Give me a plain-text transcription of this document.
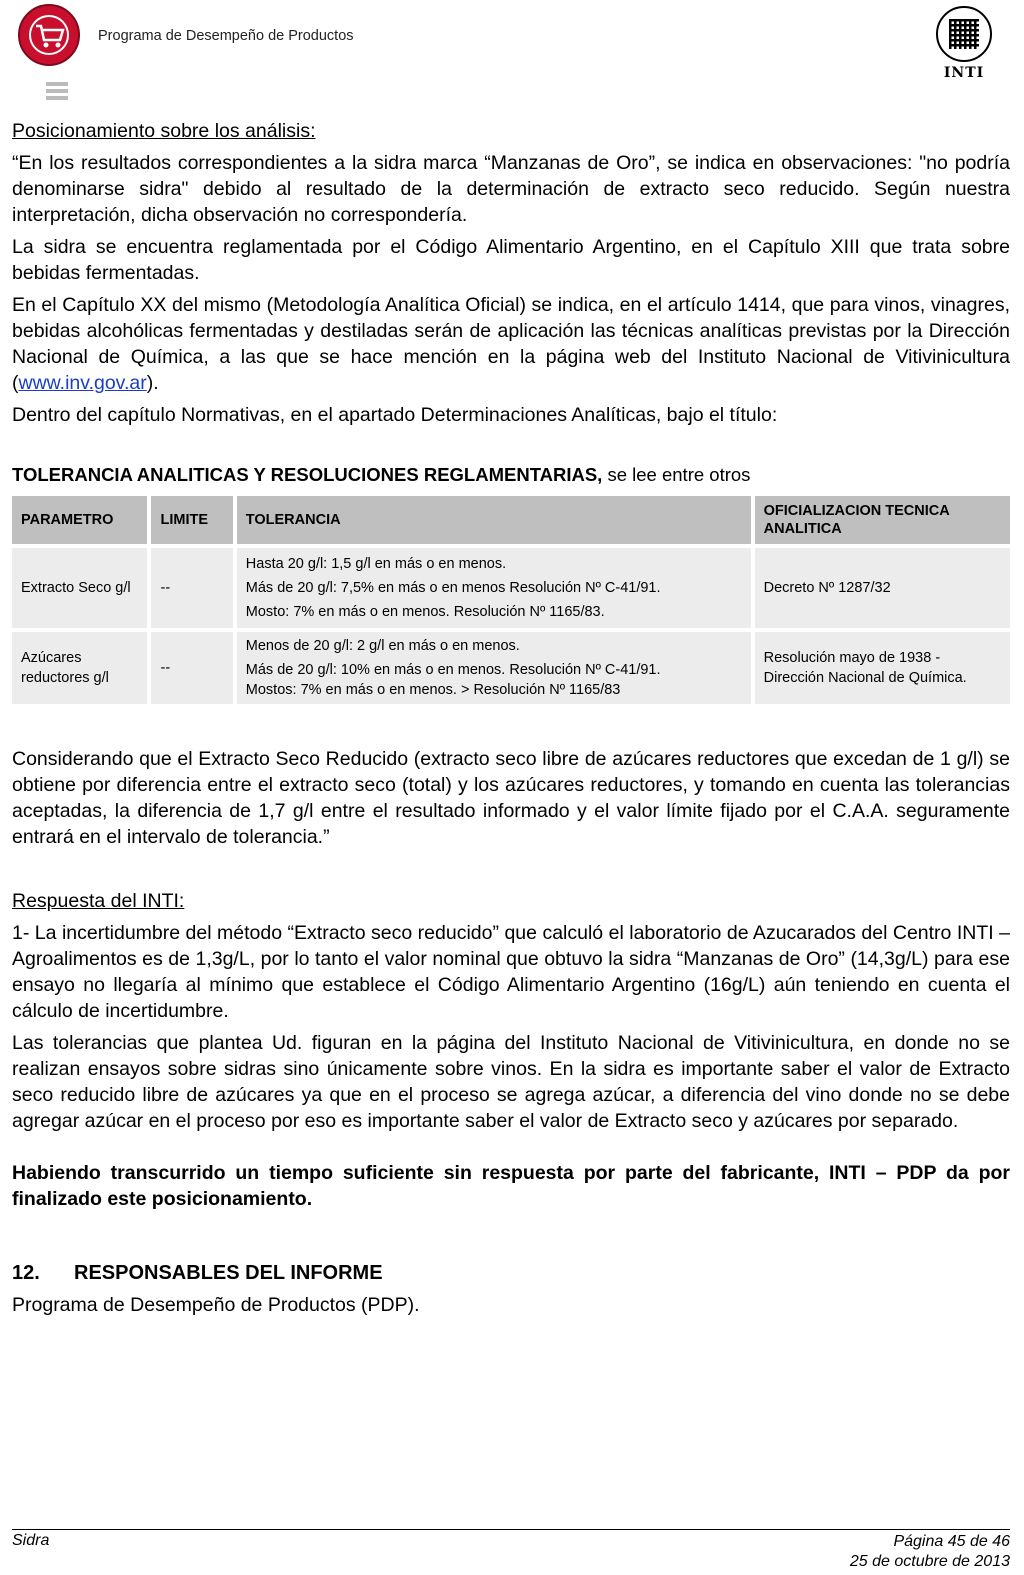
Programa de Desempeño de Productos
INTI

Posicionamiento sobre los análisis:

“En los resultados correspondientes a la sidra marca “Manzanas de Oro”, se indica en observaciones: "no podría denominarse sidra" debido al resultado de la determinación de extracto seco reducido. Según nuestra interpretación, dicha observación no correspondería.

La sidra se encuentra reglamentada por el Código Alimentario Argentino, en el Capítulo XIII que trata sobre bebidas fermentadas.

En el Capítulo XX del mismo (Metodología Analítica Oficial) se indica, en el artículo 1414, que para vinos, vinagres, bebidas alcohólicas fermentadas y destiladas serán de aplicación las técnicas analíticas previstas por la Dirección Nacional de Química, a las que se hace mención en la página web del Instituto Nacional de Vitivinicultura (www.inv.gov.ar).

Dentro del capítulo Normativas, en el apartado Determinaciones Analíticas, bajo el título:

TOLERANCIA ANALITICAS Y RESOLUCIONES REGLAMENTARIAS, se lee entre otros

PARAMETRO	LIMITE	TOLERANCIA	OFICIALIZACION TECNICA ANALITICA
Extracto Seco g/l	--	Hasta 20 g/l: 1,5 g/l en más o en menos.
Más de 20 g/l: 7,5% en más o en menos Resolución Nº C-41/91.
Mosto: 7% en más o en menos. Resolución Nº 1165/83.	Decreto Nº 1287/32
Azúcares reductores g/l	--	Menos de 20 g/l: 2 g/l en más o en menos.
Más de 20 g/l: 10% en más o en menos. Resolución Nº C-41/91.
Mostos: 7% en más o en menos. > Resolución Nº 1165/83	Resolución mayo de 1938 - Dirección Nacional de Química.

Considerando que el Extracto Seco Reducido (extracto seco libre de azúcares reductores que excedan de 1 g/l) se obtiene por diferencia entre el extracto seco (total) y los azúcares reductores, y tomando en cuenta las tolerancias aceptadas, la diferencia de 1,7 g/l entre el resultado informado y el valor límite fijado por el C.A.A. seguramente entrará en el intervalo de tolerancia.”

Respuesta del INTI:

1- La incertidumbre del método “Extracto seco reducido” que calculó el laboratorio de Azucarados del Centro INTI – Agroalimentos es de 1,3g/L, por lo tanto el valor nominal que obtuvo la sidra “Manzanas de Oro” (14,3g/L) para ese ensayo no llegaría al mínimo que establece el Código Alimentario Argentino (16g/L) aún teniendo en cuenta el cálculo de incertidumbre.

Las tolerancias que plantea Ud. figuran en la página del Instituto Nacional de Vitivinicultura, en donde no se realizan ensayos sobre sidras sino únicamente sobre vinos. En la sidra es importante saber el valor de Extracto seco reducido libre de azúcares ya que en el proceso se agrega azúcar, a diferencia del vino donde no se debe agregar azúcar en el proceso por eso es importante saber el valor de Extracto seco y azúcares por separado.

Habiendo transcurrido un tiempo suficiente sin respuesta por parte del fabricante, INTI – PDP da por finalizado este posicionamiento.

12. RESPONSABLES DEL INFORME

Programa de Desempeño de Productos (PDP).

Sidra	Página 45 de 46
25 de octubre de 2013
